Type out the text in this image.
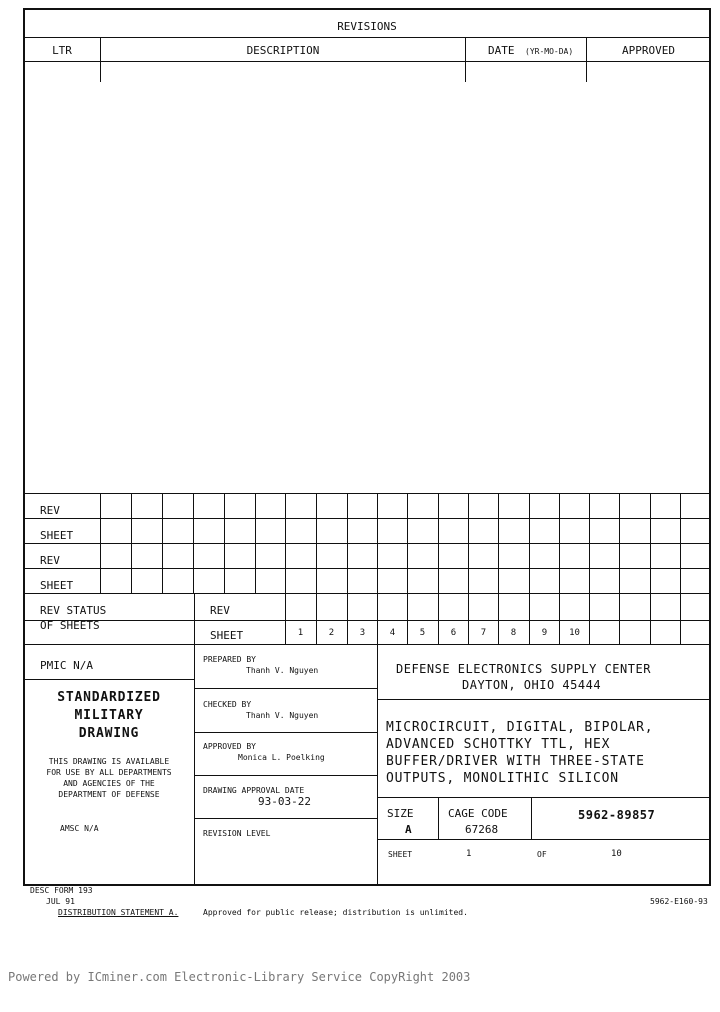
REVISIONS
LTR	DESCRIPTION	DATE (YR-MO-DA)	APPROVED
REV
SHEET
REV
SHEET
REV STATUS
OF SHEETS
REV
SHEET	1	2	3	4	5	6	7	8	9	10
PMIC N/A
STANDARDIZED
MILITARY
DRAWING
THIS DRAWING IS AVAILABLE
FOR USE BY ALL DEPARTMENTS
AND AGENCIES OF THE
DEPARTMENT OF DEFENSE
AMSC N/A
PREPARED BY
Thanh V. Nguyen
CHECKED BY
Thanh V. Nguyen
APPROVED BY
Monica L. Poelking
DRAWING APPROVAL DATE
93-03-22
REVISION LEVEL
DEFENSE ELECTRONICS SUPPLY CENTER
DAYTON, OHIO 45444
MICROCIRCUIT, DIGITAL, BIPOLAR,
ADVANCED SCHOTTKY TTL, HEX
BUFFER/DRIVER WITH THREE-STATE
OUTPUTS, MONOLITHIC SILICON
SIZE
A
CAGE CODE
67268
5962-89857
SHEET	1	OF	10
DESC FORM 193
JUL 91
DISTRIBUTION STATEMENT A.	Approved for public release; distribution is unlimited.
5962-E160-93
Powered by ICminer.com Electronic-Library Service CopyRight 2003
